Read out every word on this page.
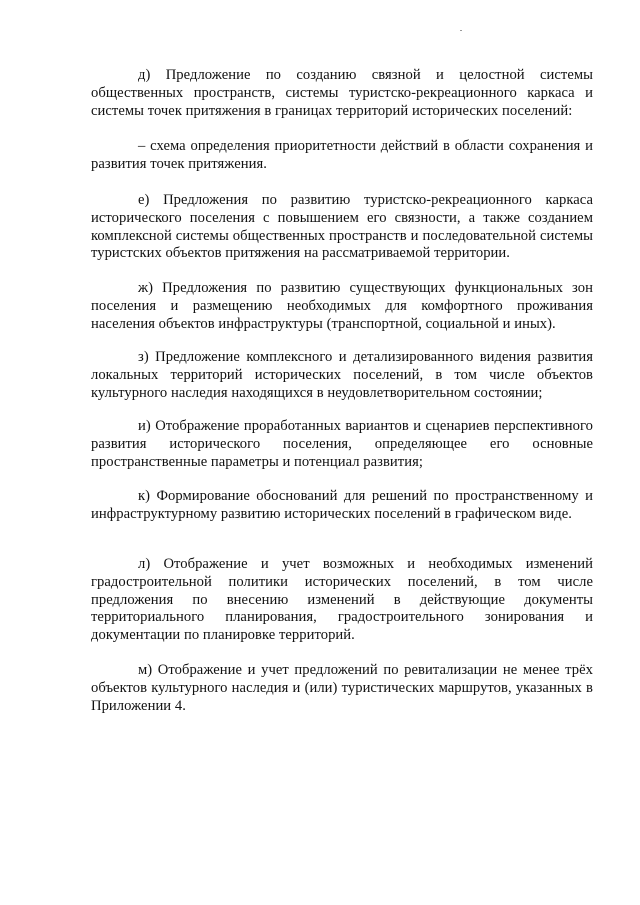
д) Предложение по созданию связной и целостной системы общественных пространств, системы туристско-рекреационного каркаса и системы точек притяжения в границах территорий исторических поселений:

– схема определения приоритетности действий в области сохранения и развития точек притяжения.

е) Предложения по развитию туристско-рекреационного каркаса исторического поселения с повышением его связности, а также созданием комплексной системы общественных пространств и последовательной системы туристских объектов притяжения на рассматриваемой территории.

ж) Предложения по развитию существующих функциональных зон поселения и размещению необходимых для комфортного проживания населения объектов инфраструктуры (транспортной, социальной и иных).

з) Предложение комплексного и детализированного видения развития локальных территорий исторических поселений, в том числе объектов культурного наследия находящихся в неудовлетворительном состоянии;

и) Отображение проработанных вариантов и сценариев перспективного развития исторического поселения, определяющее его основные пространственные параметры и потенциал развития;

к) Формирование обоснований для решений по пространственному и инфраструктурному развитию исторических поселений в графическом виде.

л) Отображение и учет возможных и необходимых изменений градостроительной политики исторических поселений, в том числе предложения по внесению изменений в действующие документы территориального планирования, градостроительного зонирования и документации по планировке территорий.

м) Отображение и учет предложений по ревитализации не менее трёх объектов культурного наследия и (или) туристических маршрутов, указанных в Приложении 4.
